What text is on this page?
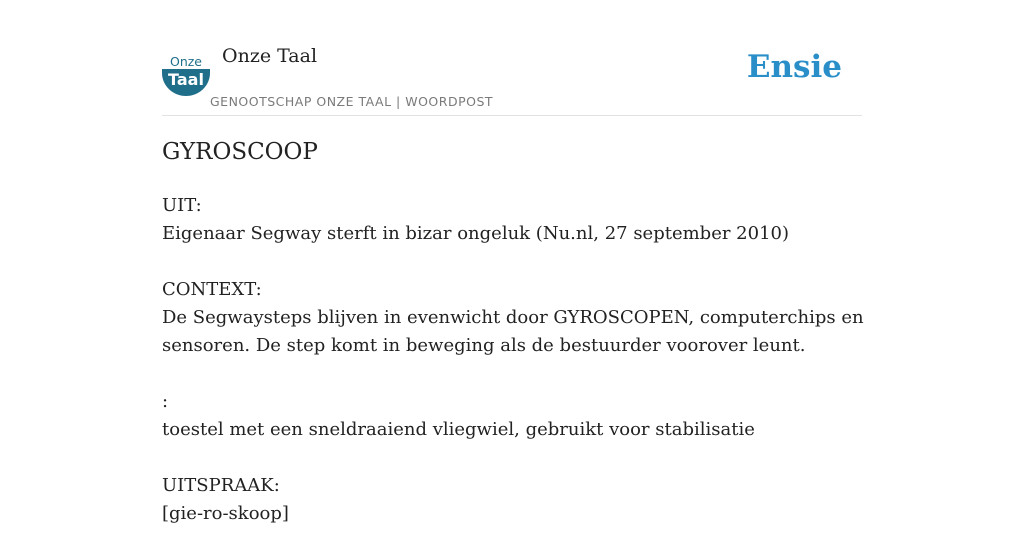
Onze
Taal
Onze Taal
GENOOTSCHAP ONZE TAAL | WOORDPOST
Ensie
GYROSCOOP

UIT:

Eigenaar Segway sterft in bizar ongeluk (Nu.nl, 27 september 2010)

CONTEXT:

De Segwaysteps blijven in evenwicht door GYROSCOPEN, computerchips en

sensoren. De step komt in beweging als de bestuurder voorover leunt.

:

toestel met een sneldraaiend vliegwiel, gebruikt voor stabilisatie

UITSPRAAK:

[gie-ro-skoop]
